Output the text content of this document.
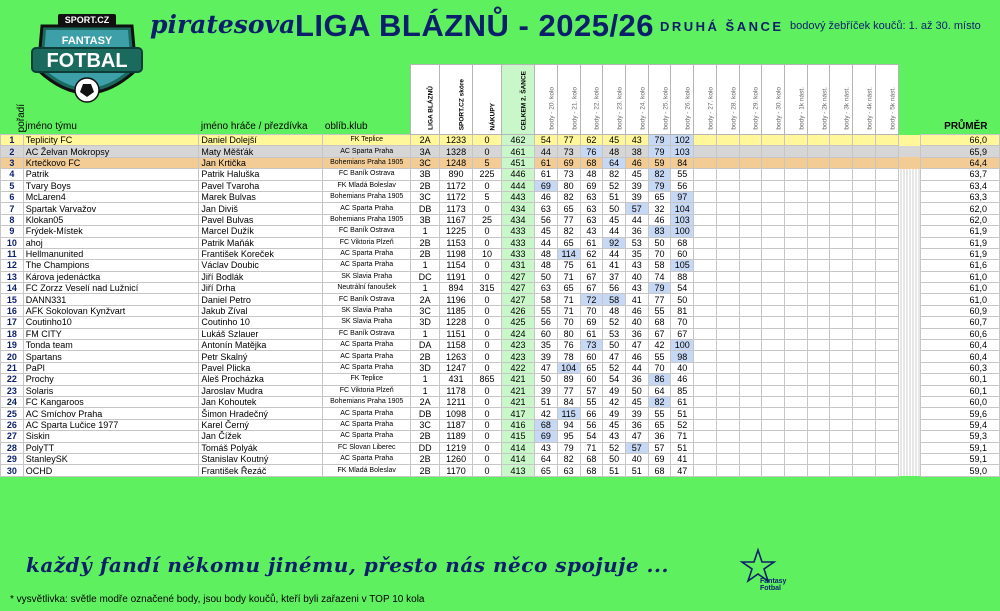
SPORT.CZ
FANTASY
FOTBAL
piratesova LIGA BLÁZNŮ - 2025/26 DRUHÁ ŠANCE bodový žebříček koučů: 1. až 30. místo
pořadí	jméno týmu	jméno hráče / přezdívka	oblíb.klub	LIGA BLÁZNŮ	SPORT.CZ skóre	NÁKUPY	CELKEM 2. ŠANCE	body - 20. kolo	body - 21. kolo	body - 22. kolo	body - 23. kolo	body - 24. kolo	body - 25. kolo	body - 26. kolo	body - 27. kolo	body - 28. kolo	body - 29. kolo	body - 30. kolo	body - 1k nást.	body - 2k nást.	body - 3k nást.	body - 4k nást.	body - 5k nást.		PRŮMĚR
1	Teplicity FC	Daniel Dolejší	FK Teplice	2A	1233	0	462	54	77	62	45	43	79	102											66,0
2	AC Želvan Mokropsy	Maty Měšťák	AC Sparta Praha	3A	1328	0	461	44	73	76	48	38	79	103											65,9
3	Krtečkovo FC	Jan Krtička	Bohemians Praha 1905	3C	1248	5	451	61	69	68	64	46	59	84											64,4
4	Patrik	Patrik Haluška	FC Baník Ostrava	3B	890	225	446	61	73	48	82	45	82	55											63,7
5	Tvary Boys	Pavel Tvaroha	FK Mladá Boleslav	2B	1172	0	444	69	80	69	52	39	79	56											63,4
6	McLaren4	Marek Bulvas	Bohemians Praha 1905	3C	1172	5	443	46	82	63	51	39	65	97											63,3
7	Spartak Varvažov	Jan Diviš	AC Sparta Praha	DB	1173	0	434	63	65	63	50	57	32	104											62,0
8	Klokan05	Pavel Bulvas	Bohemians Praha 1905	3B	1167	25	434	56	77	63	45	44	46	103											62,0
9	Frýdek-Místek	Marcel Dužík	FC Baník Ostrava	1	1225	0	433	45	82	43	44	36	83	100											61,9
10	ahoj	Patrik Maňák	FC Viktoria Plzeň	2B	1153	0	433	44	65	61	92	53	50	68											61,9
11	Hellmanunited	František Koreček	AC Sparta Praha	2B	1198	10	433	48	114	62	44	35	70	60											61,9
12	The Champions	Václav Doubic	AC Sparta Praha	1	1154	0	431	48	75	61	41	43	58	105											61,6
13	Károva jedenáctka	Jiří Bodlák	SK Slavia Praha	DC	1191	0	427	50	71	67	37	40	74	88											61,0
14	FC Zorzz Veselí nad Lužnicí	Jiří Drha	Neutrální fanoušek	1	894	315	427	63	65	67	56	43	79	54											61,0
15	DANN331	Daniel Petro	FC Baník Ostrava	2A	1196	0	427	58	71	72	58	41	77	50											61,0
16	AFK Sokolovan Kynžvart	Jakub Zíval	SK Slavia Praha	3C	1185	0	426	55	71	70	48	46	55	81											60,9
17	Coutinho10	Coutinho 10	SK Slavia Praha	3D	1228	0	425	56	70	69	52	40	68	70											60,7
18	FM CITY	Lukáš Szlauer	FC Baník Ostrava	1	1151	0	424	60	80	61	53	36	67	67											60,6
19	Tonda team	Antonín Matějka	AC Sparta Praha	DA	1158	0	423	35	76	73	50	47	42	100											60,4
20	Spartans	Petr Skalný	AC Sparta Praha	2B	1263	0	423	39	78	60	47	46	55	98											60,4
21	PaPl	Pavel Plicka	AC Sparta Praha	3D	1247	0	422	47	104	65	52	44	70	40											60,3
22	Prochy	Aleš Procházka	FK Teplice	1	431	865	421	50	89	60	54	36	86	46											60,1
23	Solaris	Jaroslav Mudra	FC Viktoria Plzeň	1	1178	0	421	39	77	57	49	50	64	85											60,1
24	FC Kangaroos	Jan Kohoutek	Bohemians Praha 1905	2A	1211	0	421	51	84	55	42	45	82	61											60,0
25	AC Smíchov Praha	Šimon Hradečný	AC Sparta Praha	DB	1098	0	417	42	115	66	49	39	55	51											59,6
26	AC Sparta Lučice 1977	Karel Černý	AC Sparta Praha	3C	1187	0	416	68	94	56	45	36	65	52											59,4
27	Siskin	Jan Čížek	AC Sparta Praha	2B	1189	0	415	69	95	54	43	47	36	71											59,3
28	PolyTT	Tomáš Polyák	FC Slovan Liberec	DD	1219	0	414	43	79	71	52	57	57	51											59,1
29	StanleySK	Stanislav Koutný	AC Sparta Praha	2B	1260	0	414	64	82	68	50	40	69	41											59,1
30	OCHD	František Řezáč	FK Mladá Boleslav	2B	1170	0	413	65	63	68	51	51	68	47											59,0
každý fandí někomu jinému, přesto nás něco spojuje ...
Fantasy
Fotbal
* vysvětlivka: světle modře označené body, jsou body koučů, kteří byli zařazeni v TOP 10 kola
